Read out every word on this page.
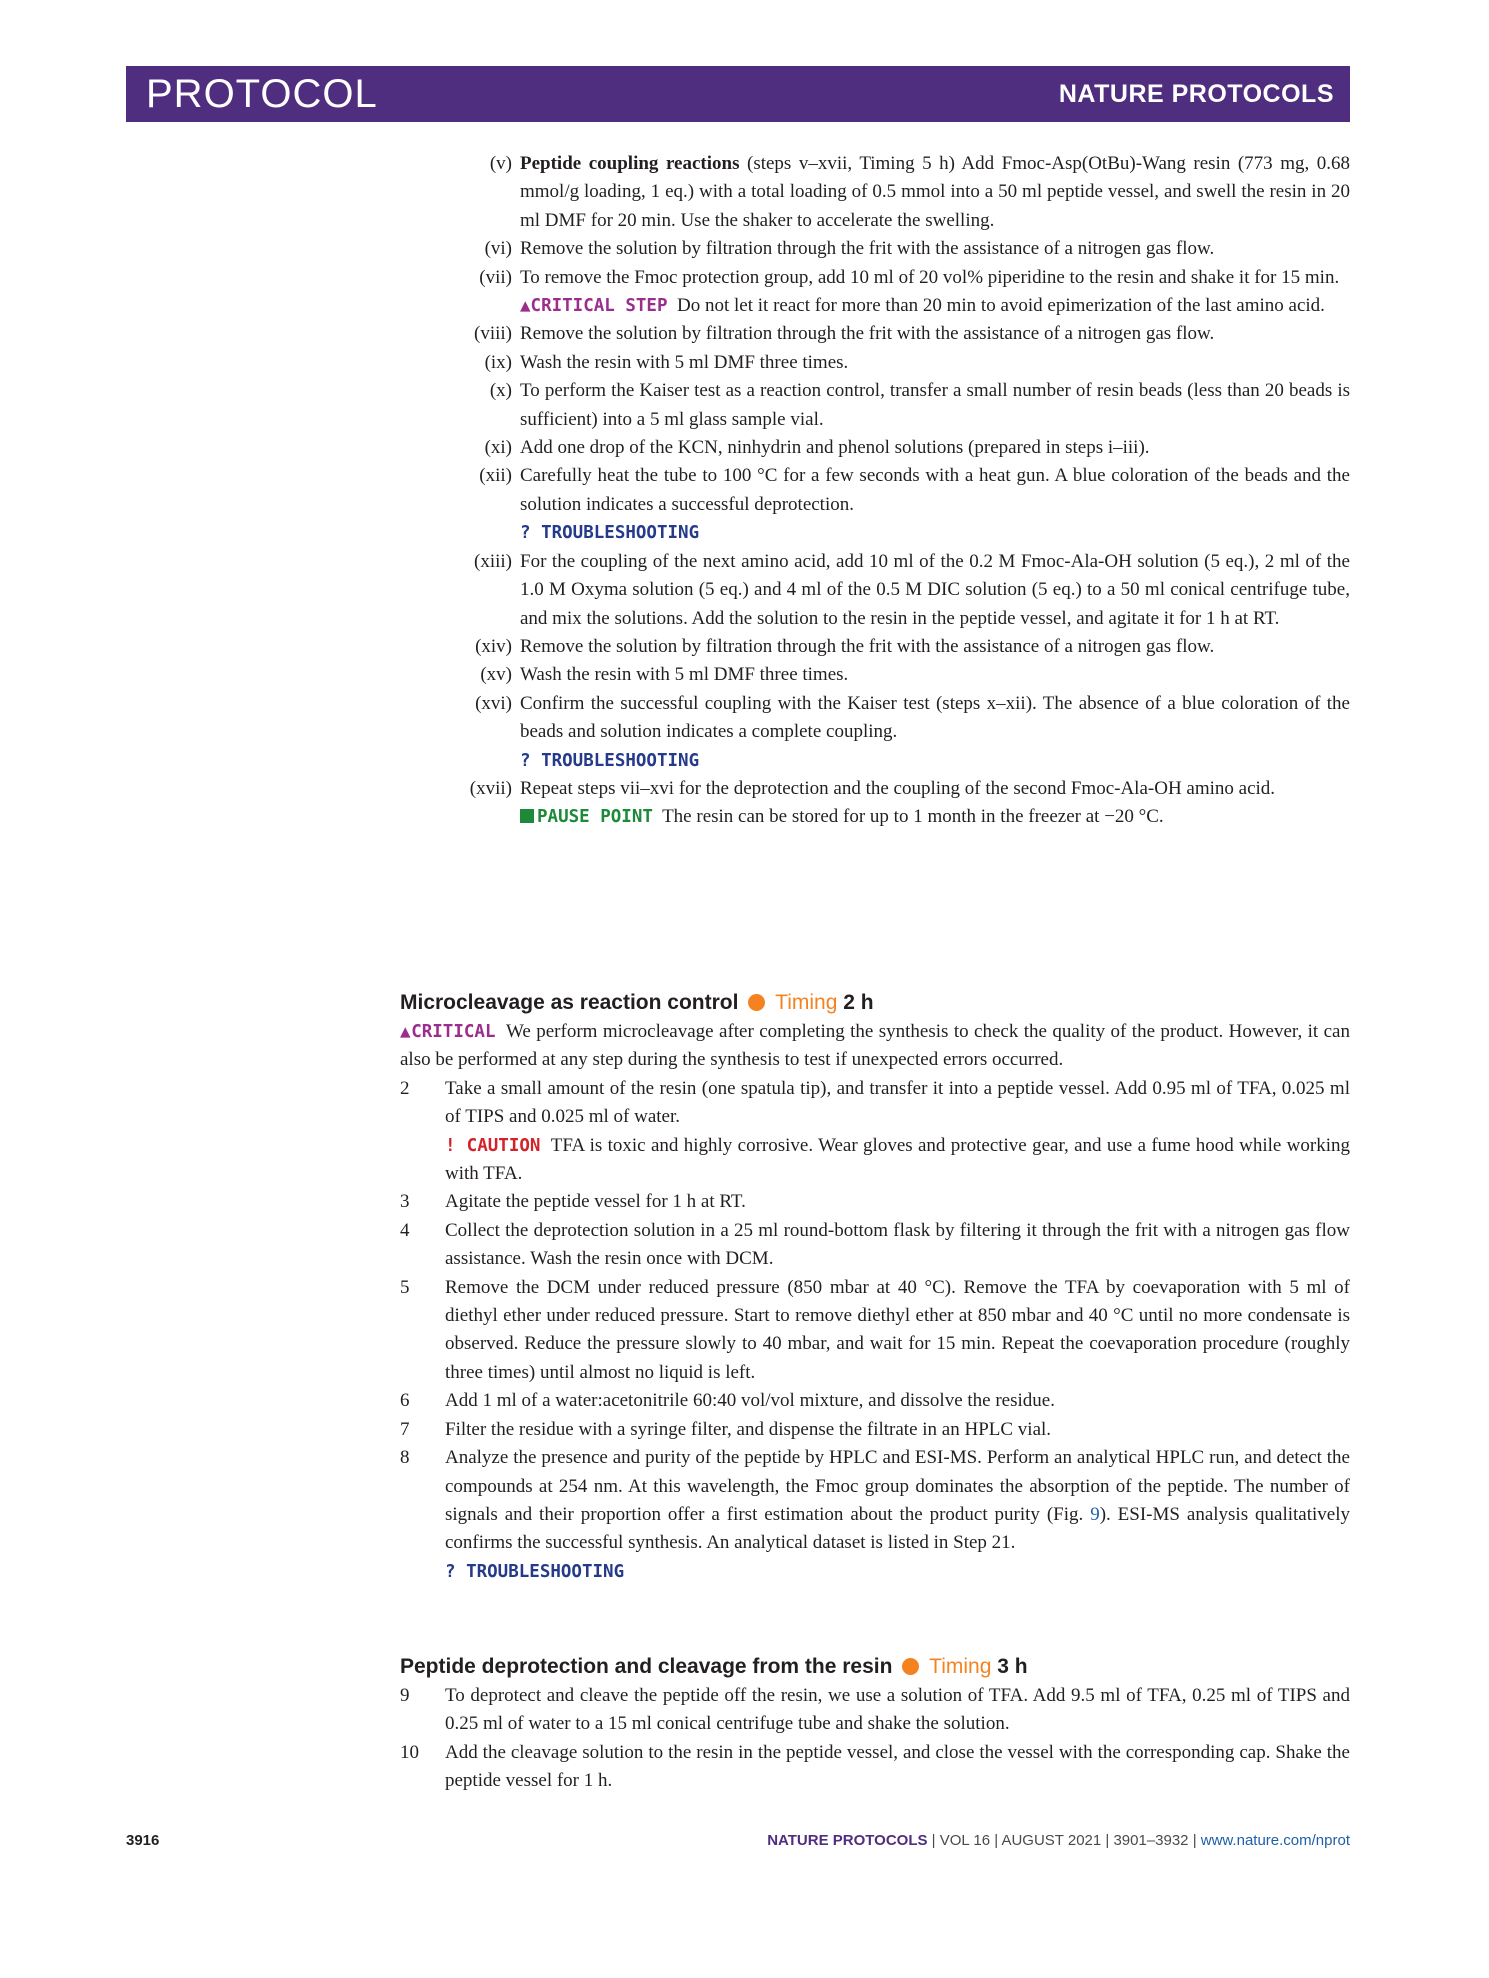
PROTOCOL	NATURE PROTOCOLS
(v) Peptide coupling reactions (steps v–xvii, Timing 5 h) Add Fmoc-Asp(OtBu)-Wang resin (773 mg, 0.68 mmol/g loading, 1 eq.) with a total loading of 0.5 mmol into a 50 ml peptide vessel, and swell the resin in 20 ml DMF for 20 min. Use the shaker to accelerate the swelling.

(vi) Remove the solution by filtration through the frit with the assistance of a nitrogen gas flow.

(vii) To remove the Fmoc protection group, add 10 ml of 20 vol% piperidine to the resin and shake it for 15 min.

▲CRITICAL STEP Do not let it react for more than 20 min to avoid epimerization of the last amino acid.

(viii) Remove the solution by filtration through the frit with the assistance of a nitrogen gas flow.

(ix) Wash the resin with 5 ml DMF three times.

(x) To perform the Kaiser test as a reaction control, transfer a small number of resin beads (less than 20 beads is sufficient) into a 5 ml glass sample vial.

(xi) Add one drop of the KCN, ninhydrin and phenol solutions (prepared in steps i–iii).

(xii) Carefully heat the tube to 100 °C for a few seconds with a heat gun. A blue coloration of the beads and the solution indicates a successful deprotection.

? TROUBLESHOOTING

(xiii) For the coupling of the next amino acid, add 10 ml of the 0.2 M Fmoc-Ala-OH solution (5 eq.), 2 ml of the 1.0 M Oxyma solution (5 eq.) and 4 ml of the 0.5 M DIC solution (5 eq.) to a 50 ml conical centrifuge tube, and mix the solutions. Add the solution to the resin in the peptide vessel, and agitate it for 1 h at RT.

(xiv) Remove the solution by filtration through the frit with the assistance of a nitrogen gas flow.

(xv) Wash the resin with 5 ml DMF three times.

(xvi) Confirm the successful coupling with the Kaiser test (steps x–xii). The absence of a blue coloration of the beads and solution indicates a complete coupling.

? TROUBLESHOOTING

(xvii) Repeat steps vii–xvi for the deprotection and the coupling of the second Fmoc-Ala-OH amino acid.

PAUSE POINT The resin can be stored for up to 1 month in the freezer at −20 °C.

Microcleavage as reaction control Timing 2 h

▲CRITICAL We perform microcleavage after completing the synthesis to check the quality of the product. However, it can also be performed at any step during the synthesis to test if unexpected errors occurred.

2	Take a small amount of the resin (one spatula tip), and transfer it into a peptide vessel. Add 0.95 ml of TFA, 0.025 ml of TIPS and 0.025 ml of water.

! CAUTION TFA is toxic and highly corrosive. Wear gloves and protective gear, and use a fume hood while working with TFA.

3	Agitate the peptide vessel for 1 h at RT.

4	Collect the deprotection solution in a 25 ml round-bottom flask by filtering it through the frit with a nitrogen gas flow assistance. Wash the resin once with DCM.

5	Remove the DCM under reduced pressure (850 mbar at 40 °C). Remove the TFA by coevaporation with 5 ml of diethyl ether under reduced pressure. Start to remove diethyl ether at 850 mbar and 40 °C until no more condensate is observed. Reduce the pressure slowly to 40 mbar, and wait for 15 min. Repeat the coevaporation procedure (roughly three times) until almost no liquid is left.

6	Add 1 ml of a water:acetonitrile 60:40 vol/vol mixture, and dissolve the residue.

7	Filter the residue with a syringe filter, and dispense the filtrate in an HPLC vial.

8	Analyze the presence and purity of the peptide by HPLC and ESI-MS. Perform an analytical HPLC run, and detect the compounds at 254 nm. At this wavelength, the Fmoc group dominates the absorption of the peptide. The number of signals and their proportion offer a first estimation about the product purity (Fig. 9). ESI-MS analysis qualitatively confirms the successful synthesis. An analytical dataset is listed in Step 21.

? TROUBLESHOOTING

Peptide deprotection and cleavage from the resin Timing 3 h
9	To deprotect and cleave the peptide off the resin, we use a solution of TFA. Add 9.5 ml of TFA, 0.25 ml of TIPS and 0.25 ml of water to a 15 ml conical centrifuge tube and shake the solution.

10 Add the cleavage solution to the resin in the peptide vessel, and close the vessel with the corresponding cap. Shake the peptide vessel for 1 h.

3916	NATURE PROTOCOLS | VOL 16 | AUGUST 2021 | 3901–3932 | www.nature.com/nprot
